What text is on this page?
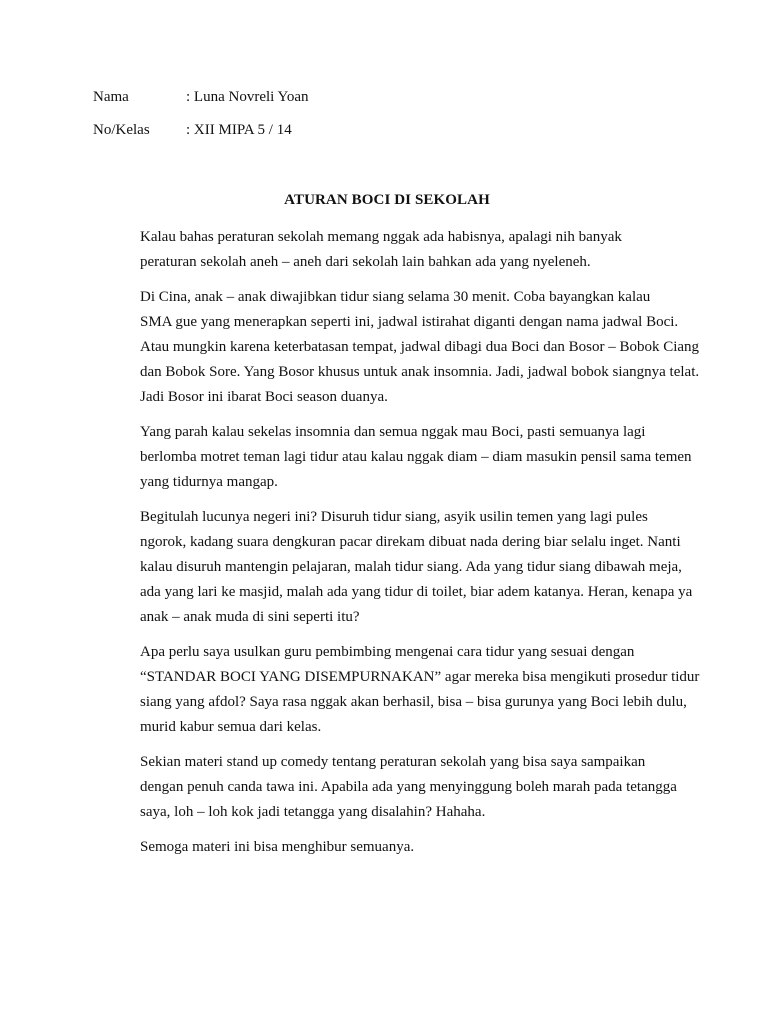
Nama	: Luna Novreli Yoan
No/Kelas : XII MIPA 5 / 14
ATURAN BOCI DI SEKOLAH

Kalau bahas peraturan sekolah memang nggak ada habisnya, apalagi nih banyak
peraturan sekolah aneh – aneh dari sekolah lain bahkan ada yang nyeleneh.

Di Cina, anak – anak diwajibkan tidur siang selama 30 menit. Coba bayangkan kalau
SMA gue yang menerapkan seperti ini, jadwal istirahat diganti dengan nama jadwal Boci.
Atau mungkin karena keterbatasan tempat, jadwal dibagi dua Boci dan Bosor – Bobok Ciang
dan Bobok Sore. Yang Bosor khusus untuk anak insomnia. Jadi, jadwal bobok siangnya telat.
Jadi Bosor ini ibarat Boci season duanya.

Yang parah kalau sekelas insomnia dan semua nggak mau Boci, pasti semuanya lagi
berlomba motret teman lagi tidur atau kalau nggak diam – diam masukin pensil sama temen
yang tidurnya mangap.

Begitulah lucunya negeri ini? Disuruh tidur siang, asyik usilin temen yang lagi pules
ngorok, kadang suara dengkuran pacar direkam dibuat nada dering biar selalu inget. Nanti
kalau disuruh mantengin pelajaran, malah tidur siang. Ada yang tidur siang dibawah meja,
ada yang lari ke masjid, malah ada yang tidur di toilet, biar adem katanya. Heran, kenapa ya
anak – anak muda di sini seperti itu?

Apa perlu saya usulkan guru pembimbing mengenai cara tidur yang sesuai dengan
“STANDAR BOCI YANG DISEMPURNAKAN” agar mereka bisa mengikuti prosedur tidur
siang yang afdol? Saya rasa nggak akan berhasil, bisa – bisa gurunya yang Boci lebih dulu,
murid kabur semua dari kelas.

Sekian materi stand up comedy tentang peraturan sekolah yang bisa saya sampaikan
dengan penuh canda tawa ini. Apabila ada yang menyinggung boleh marah pada tetangga
saya, loh – loh kok jadi tetangga yang disalahin? Hahaha.

Semoga materi ini bisa menghibur semuanya.
